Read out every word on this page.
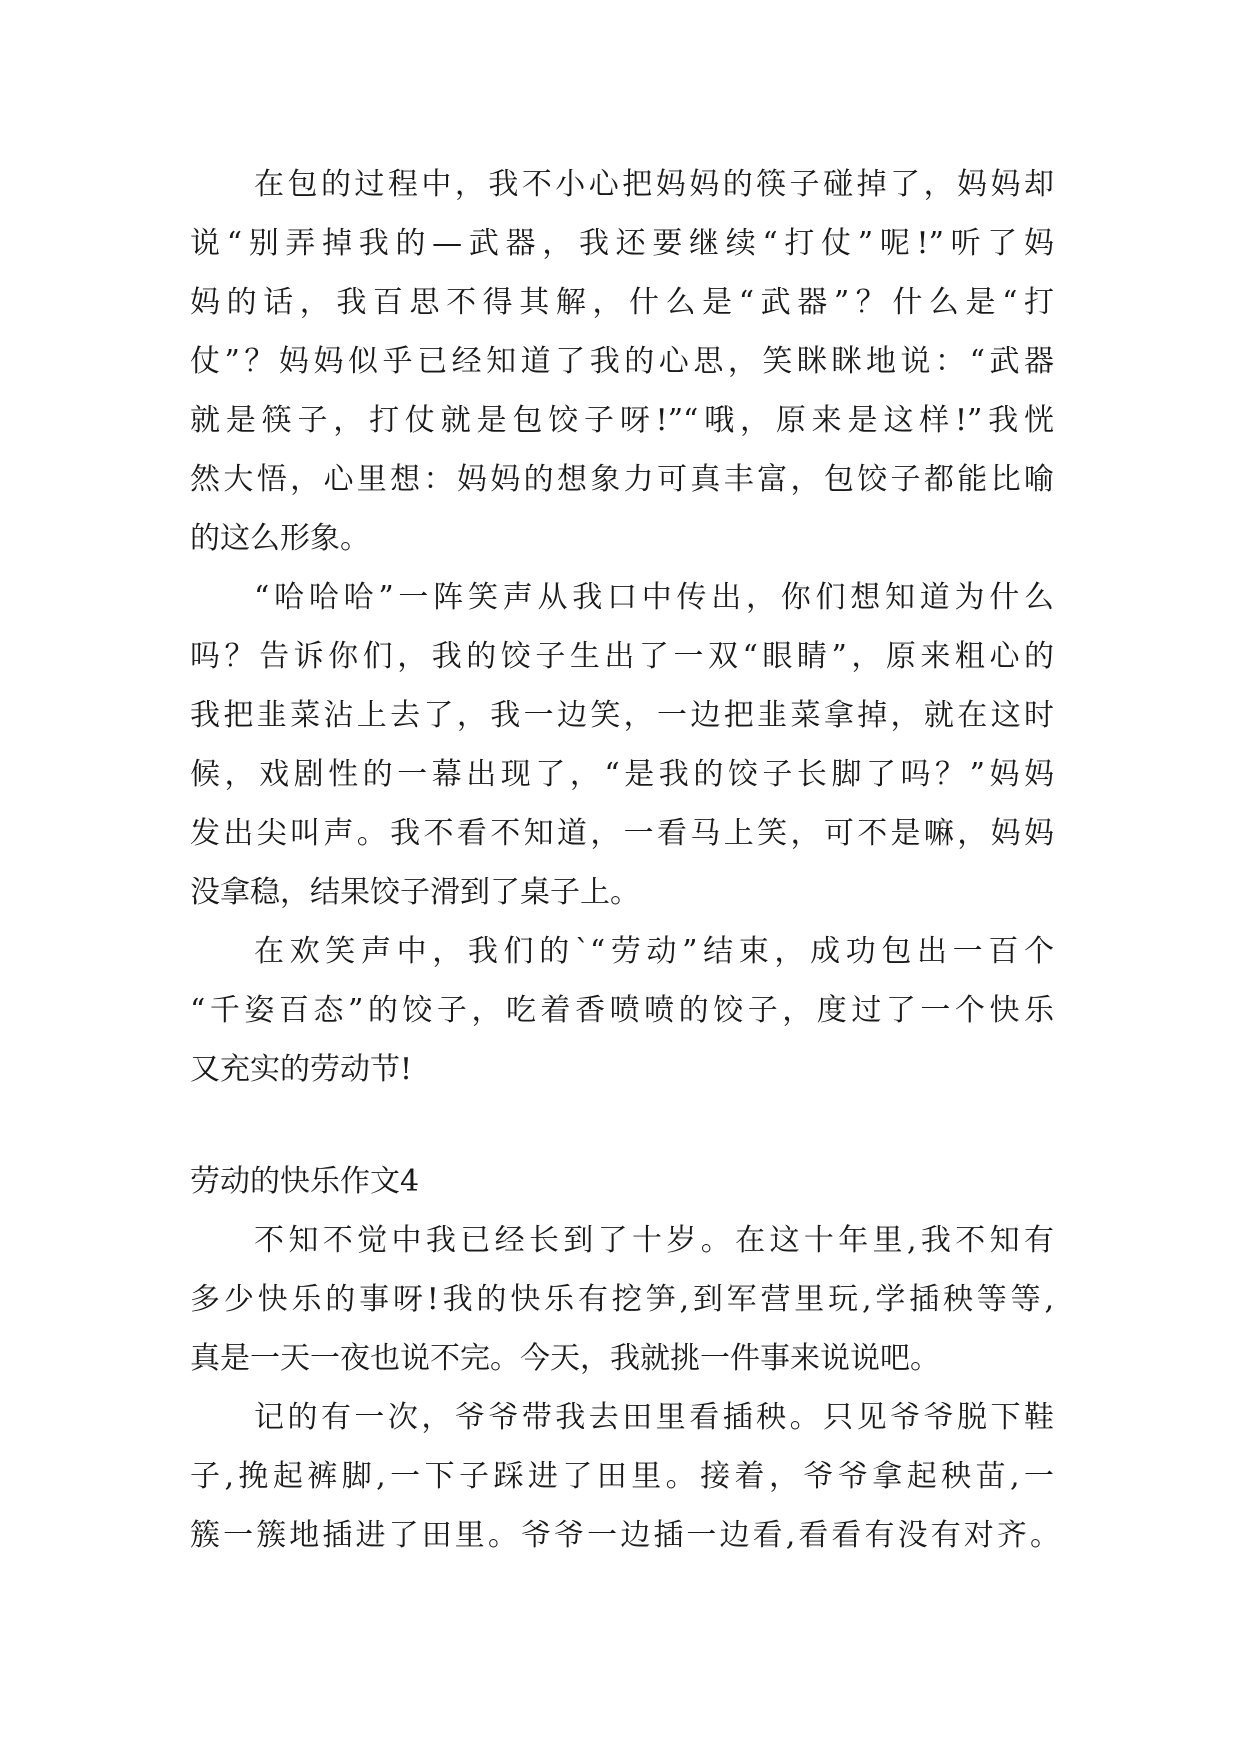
在包的过程中，我不小心把妈妈的筷子碰掉了，妈妈却
说“别弄掉我的—武器，我还要继续“打仗”呢!”听了妈
妈的话，我百思不得其解，什么是“武器”？什么是“打
仗”？妈妈似乎已经知道了我的心思，笑眯眯地说：“武器
就是筷子，打仗就是包饺子呀!”“哦，原来是这样!”我恍
然大悟，心里想：妈妈的想象力可真丰富，包饺子都能比喻
的这么形象。
“哈哈哈”一阵笑声从我口中传出，你们想知道为什么
吗？告诉你们，我的饺子生出了一双“眼睛”，原来粗心的
我把韭菜沾上去了，我一边笑，一边把韭菜拿掉，就在这时
候，戏剧性的一幕出现了，“是我的饺子长脚了吗？”妈妈
发出尖叫声。我不看不知道，一看马上笑，可不是嘛，妈妈
没拿稳，结果饺子滑到了桌子上。
在欢笑声中，我们的`“劳动”结束，成功包出一百个
“千姿百态”的饺子，吃着香喷喷的饺子，度过了一个快乐
又充实的劳动节!
劳动的快乐作文4
不知不觉中我已经长到了十岁。在这十年里,我不知有
多少快乐的事呀!我的快乐有挖笋,到军营里玩,学插秧等等,
真是一天一夜也说不完。今天，我就挑一件事来说说吧。
记的有一次，爷爷带我去田里看插秧。只见爷爷脱下鞋
子,挽起裤脚,一下子踩进了田里。接着，爷爷拿起秧苗,一
簇一簇地插进了田里。爷爷一边插一边看,看看有没有对齐。
